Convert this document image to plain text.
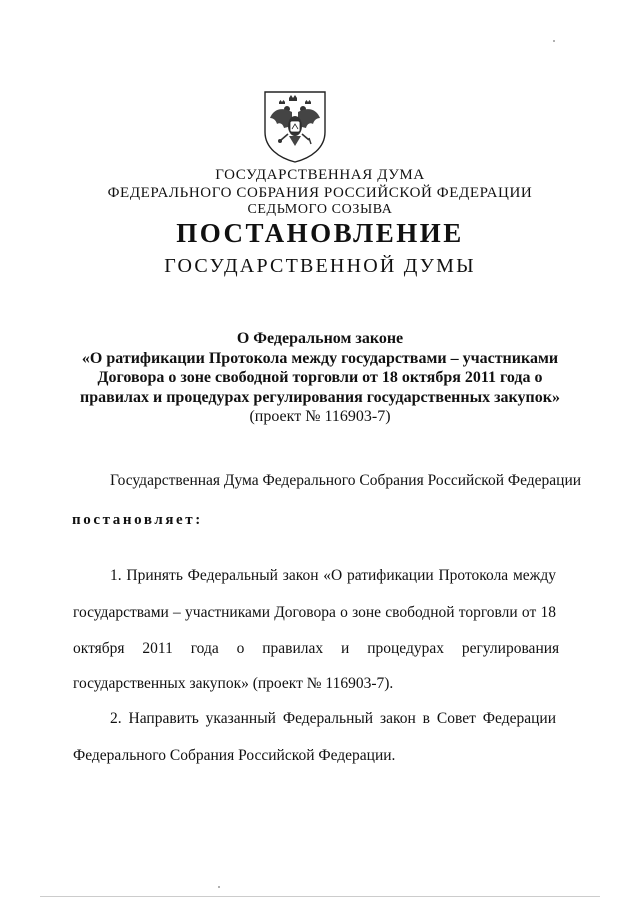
ГОСУДАРСТВЕННАЯ ДУМА
ФЕДЕРАЛЬНОГО СОБРАНИЯ РОССИЙСКОЙ ФЕДЕРАЦИИ
СЕДЬМОГО СОЗЫВА
ПОСТАНОВЛЕНИЕ
ГОСУДАРСТВЕННОЙ ДУМЫ
О Федеральном законе
«О ратификации Протокола между государствами – участниками
Договора о зоне свободной торговли от 18 октября 2011 года о
правилах и процедурах регулирования государственных закупок»
(проект № 116903-7)
Государственная Дума Федерального Собрания Российской Федерации
постановляет:
1. Принять Федеральный закон «О ратификации Протокола между
государствами – участниками Договора о зоне свободной торговли от 18
октября 2011 года о правилах и процедурах регулирования
государственных закупок» (проект № 116903-7).
2. Направить указанный Федеральный закон в Совет Федерации
Федерального Собрания Российской Федерации.
